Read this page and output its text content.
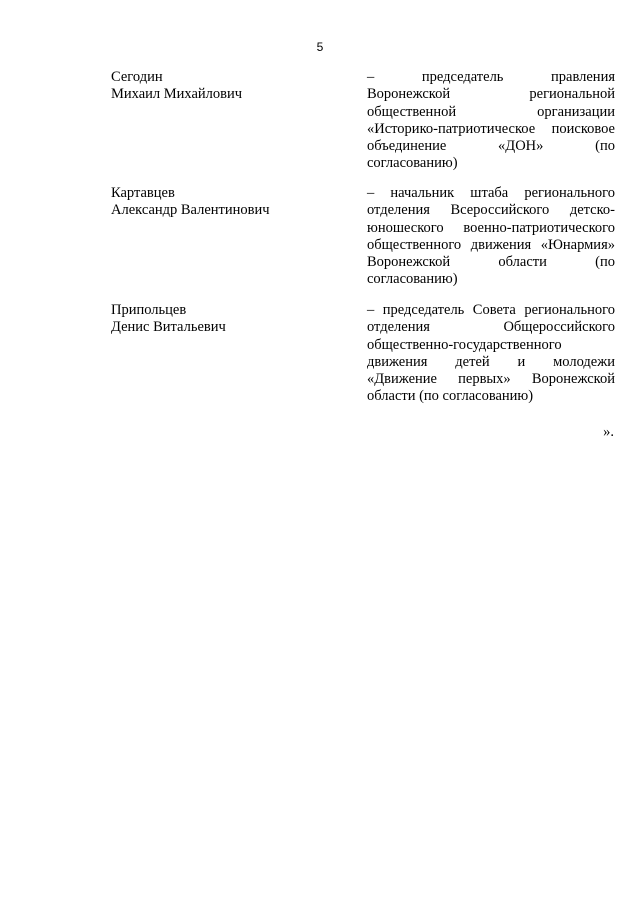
5
Сегодин
Михаил Михайлович
– председатель правления
Воронежской региональной
общественной организации
«Историко-патриотическое поисковое
объединение «ДОН» (по
согласованию)
Картавцев
Александр Валентинович
– начальник штаба регионального
отделения Всероссийского детско-
юношеского военно-патриотического
общественного движения «Юнармия»
Воронежской области (по
согласованию)
Припольцев
Денис Витальевич
– председатель Совета регионального
отделения Общероссийского
общественно-государственного
движения детей и молодежи
«Движение первых» Воронежской
области (по согласованию)
».
